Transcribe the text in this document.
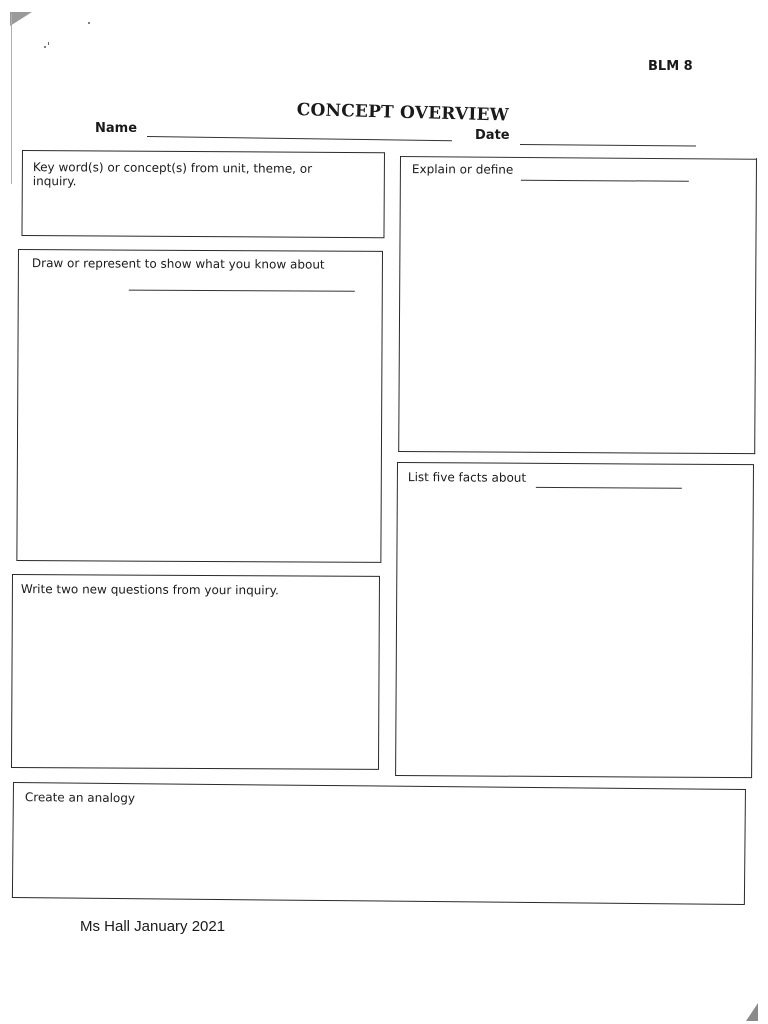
BLM 8
CONCEPT OVERVIEW
Name	Date
Key word(s) or concept(s) from unit, theme, or inquiry.
Explain or define
Draw or represent to show what you know about
List five facts about
Write two new questions from your inquiry.
Create an analogy
Ms Hall January 2021
